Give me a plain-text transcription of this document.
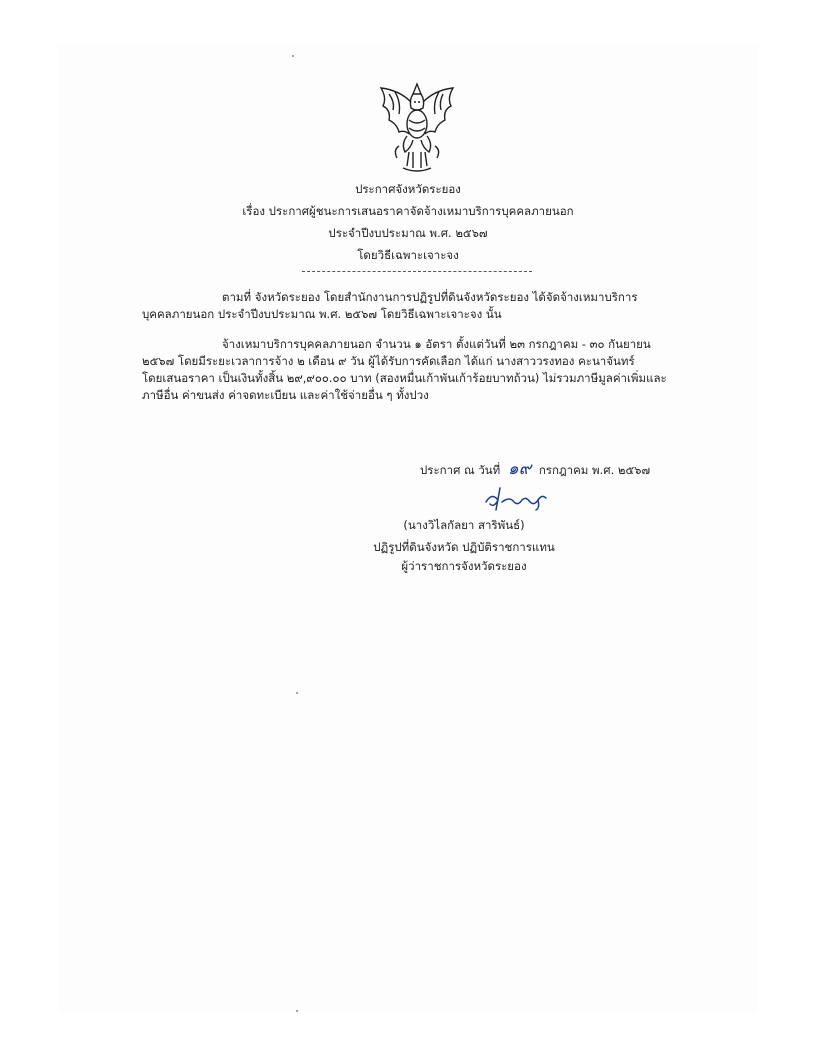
ประกาศจังหวัดระยอง
เรื่อง ประกาศผู้ชนะการเสนอราคาจัดจ้างเหมาบริการบุคคลภายนอก
ประจำปีงบประมาณ พ.ศ. ๒๕๖๗
โดยวิธีเฉพาะเจาะจง
ตามที่ จังหวัดระยอง โดยสำนักงานการปฏิรูปที่ดินจังหวัดระยอง ได้จัดจ้างเหมาบริการ
บุคคลภายนอก ประจำปีงบประมาณ พ.ศ. ๒๕๖๗ โดยวิธีเฉพาะเจาะจง นั้น
จ้างเหมาบริการบุคคลภายนอก จำนวน ๑ อัตรา ตั้งแต่วันที่ ๒๓ กรกฎาคม - ๓๐ กันยายน
๒๕๖๗ โดยมีระยะเวลาการจ้าง ๒ เดือน ๙ วัน ผู้ได้รับการคัดเลือก ได้แก่ นางสาววรงทอง คะนาจันทร์
โดยเสนอราคา เป็นเงินทั้งสิ้น ๒๙,๙๐๐.๐๐ บาท (สองหมื่นเก้าพันเก้าร้อยบาทถ้วน) ไม่รวมภาษีมูลค่าเพิ่มและ
ภาษีอื่น ค่าขนส่ง ค่าจดทะเบียน และค่าใช้จ่ายอื่น ๆ ทั้งปวง
ประกาศ ณ วันที่ ๑๙ กรกฎาคม พ.ศ. ๒๕๖๗
(นางวิไลกัลยา สาริพันธ์)
ปฏิรูปที่ดินจังหวัด ปฏิบัติราชการแทน
ผู้ว่าราชการจังหวัดระยอง
